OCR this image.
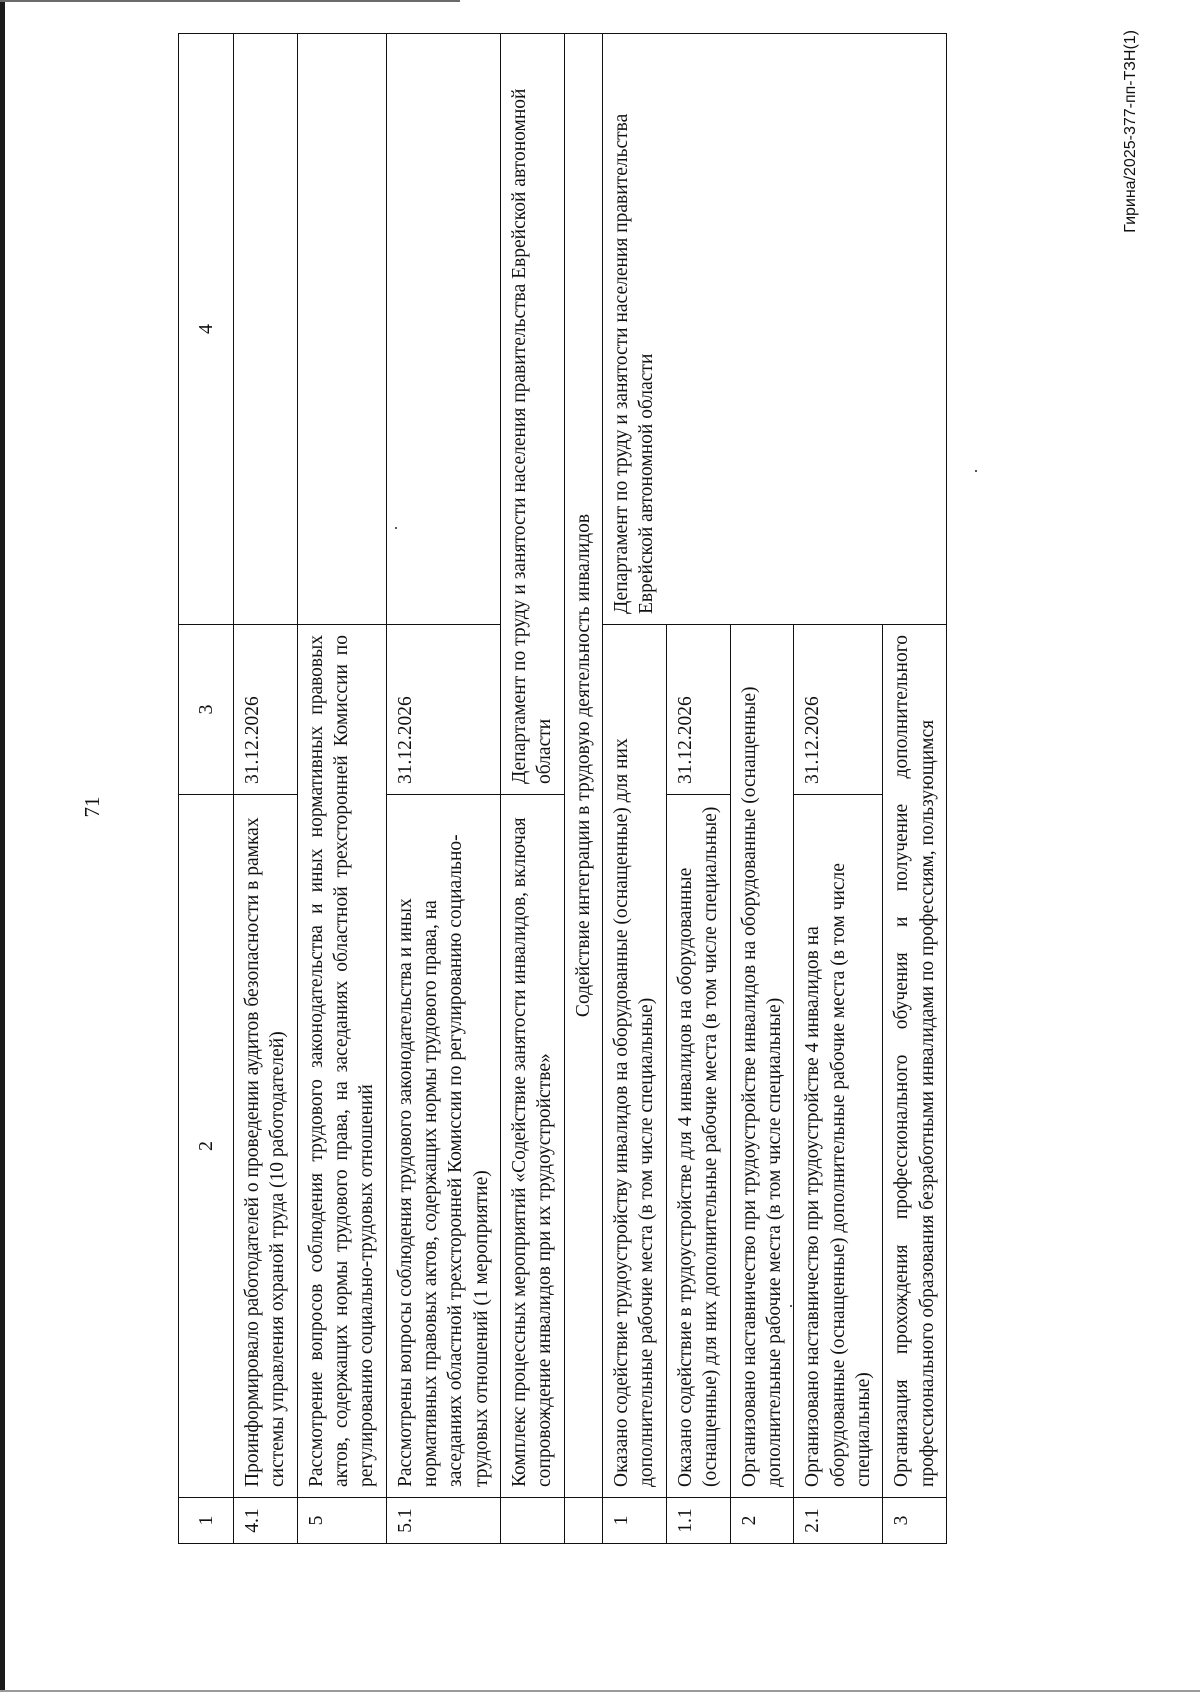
71
1	2	3	4
4.1	Проинформировало работодателей о проведении аудитов безопасности в рамках системы управления охраной труда (10 работодателей)	31.12.2026	
5	Рассмотрение вопросов соблюдения трудового законодательства и иных нормативных правовых актов, содержащих нормы трудового права, на заседаниях областной трехсторонней Комиссии по регулированию социально-трудовых отношений		
5.1	Рассмотрены вопросы соблюдения трудового законодательства и иных нормативных правовых актов, содержащих нормы трудового права, на заседаниях областной трехсторонней Комиссии по регулированию социально-трудовых отношений (1 мероприятие)	31.12.2026	
	Комплекс процессных мероприятий «Содействие занятости инвалидов, включая сопровождение инвалидов при их трудоустройстве»	Департамент по труду и занятости населения правительства Еврейской автономной области	
	Содействие интеграции в трудовую деятельность инвалидов		
1	Оказано содействие трудоустройству инвалидов на оборудованные (оснащенные) для них дополнительные рабочие места (в том числе специальные)		Департамент по труду и занятости населения правительства Еврейской автономной области
1.1	Оказано содействие в трудоустройстве для 4 инвалидов на оборудованные (оснащенные) для них дополнительные рабочие места (в том числе специальные)	31.12.2026	
2	Организовано наставничество при трудоустройстве инвалидов на оборудованные (оснащенные) дополнительные рабочие места (в том числе специальные)		
2.1	Организовано наставничество при трудоустройстве 4 инвалидов на оборудованные (оснащенные) дополнительные рабочие места (в том числе специальные)	31.12.2026	
3	Организация прохождения профессионального обучения и получение дополнительного профессионального образования безработными инвалидами по профессиям, пользующимся		
Гирина/2025-377-пп-ТЗН(1)
